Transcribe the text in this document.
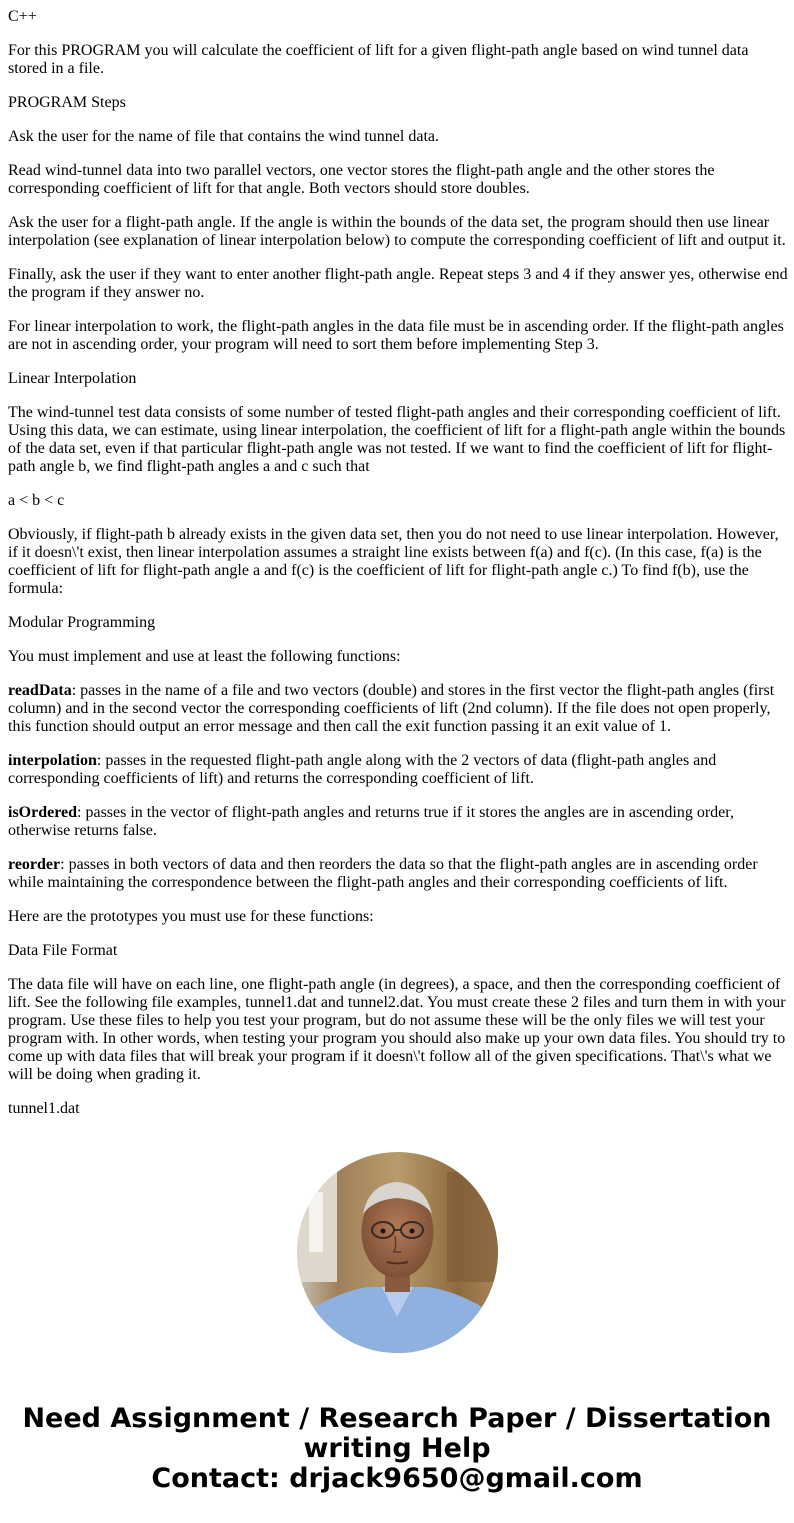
C++

For this PROGRAM you will calculate the coefficient of lift for a given flight-path angle based on wind tunnel data stored in a file.

PROGRAM Steps

Ask the user for the name of file that contains the wind tunnel data.

Read wind-tunnel data into two parallel vectors, one vector stores the flight-path angle and the other stores the corresponding coefficient of lift for that angle. Both vectors should store doubles.

Ask the user for a flight-path angle. If the angle is within the bounds of the data set, the program should then use linear interpolation (see explanation of linear interpolation below) to compute the corresponding coefficient of lift and output it.

Finally, ask the user if they want to enter another flight-path angle. Repeat steps 3 and 4 if they answer yes, otherwise end the program if they answer no.

For linear interpolation to work, the flight-path angles in the data file must be in ascending order. If the flight-path angles are not in ascending order, your program will need to sort them before implementing Step 3.

Linear Interpolation

The wind-tunnel test data consists of some number of tested flight-path angles and their corresponding coefficient of lift. Using this data, we can estimate, using linear interpolation, the coefficient of lift for a flight-path angle within the bounds of the data set, even if that particular flight-path angle was not tested. If we want to find the coefficient of lift for flight-path angle b, we find flight-path angles a and c such that

a < b < c

Obviously, if flight-path b already exists in the given data set, then you do not need to use linear interpolation. However, if it doesn\'t exist, then linear interpolation assumes a straight line exists between f(a) and f(c). (In this case, f(a) is the coefficient of lift for flight-path angle a and f(c) is the coefficient of lift for flight-path angle c.) To find f(b), use the formula:

Modular Programming

You must implement and use at least the following functions:

readData: passes in the name of a file and two vectors (double) and stores in the first vector the flight-path angles (first column) and in the second vector the corresponding coefficients of lift (2nd column). If the file does not open properly, this function should output an error message and then call the exit function passing it an exit value of 1.

interpolation: passes in the requested flight-path angle along with the 2 vectors of data (flight-path angles and corresponding coefficients of lift) and returns the corresponding coefficient of lift.

isOrdered: passes in the vector of flight-path angles and returns true if it stores the angles are in ascending order, otherwise returns false.

reorder: passes in both vectors of data and then reorders the data so that the flight-path angles are in ascending order while maintaining the correspondence between the flight-path angles and their corresponding coefficients of lift.

Here are the prototypes you must use for these functions:

Data File Format

The data file will have on each line, one flight-path angle (in degrees), a space, and then the corresponding coefficient of lift. See the following file examples, tunnel1.dat and tunnel2.dat. You must create these 2 files and turn them in with your program. Use these files to help you test your program, but do not assume these will be the only files we will test your program with. In other words, when testing your program you should also make up your own data files. You should try to come up with data files that will break your program if it doesn\'t follow all of the given specifications. That\'s what we will be doing when grading it.

tunnel1.dat

Need Assignment / Research Paper / Dissertation
writing Help
Contact: drjack9650@gmail.com
